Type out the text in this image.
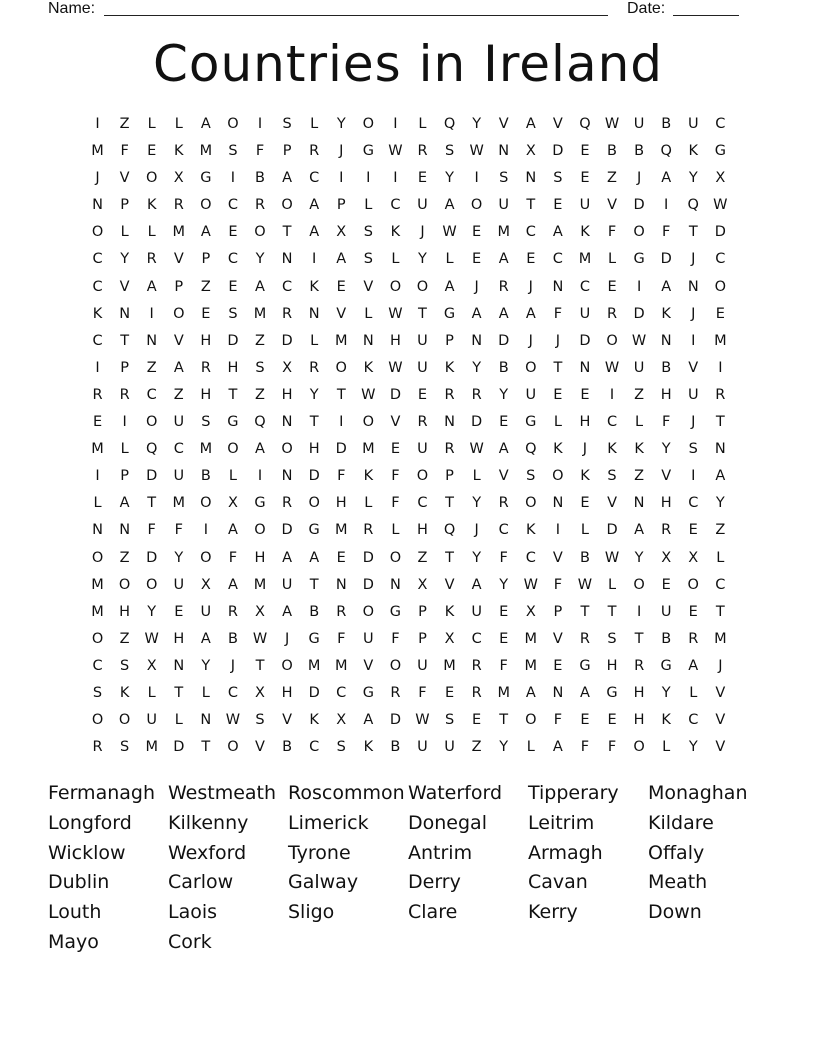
Name:	Date:
Countries in Ireland
I	Z	L	L	A	O	I	S	L	Y	O	I	L	Q	Y	V	A	V	Q W	U	B	U	C
M	F	E	K	M	S	F	P	R	J	G W	R	S	W N	X	D	E	B	B	Q	K	G
J	V	O	X	G	I	B	A	C	I	I	I	E	Y	I	S	N	S	E	Z	J	A	Y	X
N	P	K	R	O	C	R	O	A	P	L	C	U	A	O	U	T	E	U	V	D	I	Q W
O	L	L	M	A	E	O	T	A	X	S	K	J	W	E	M	C	A	K	F	O	F	T	D
C	Y	R	V	P	C	Y	N	I	A	S	L	Y	L	E	A	E	C	M	L	G	D	J	C
C	V	A	P	Z	E	A	C	K	E	V	O	O	A	J	R	J	N	C	E	I	A	N	O
K	N	I	O	E	S	M	R	N	V	L	W	T	G	A	A	A	F	U	R	D	K	J	E
C	T	N	V	H	D	Z	D	L	M	N	H	U	P	N	D	J	J	D	O W N	I	M
I	P	Z	A	R	H	S	X	R	O	K	W	U	K	Y	B	O	T	N W	U	B	V	I
R	R	C	Z	H	T	Z	H	Y	T	W D	E	R	R	Y	U	E	E	I	Z	H	U	R
E	I	O	U	S	G	Q	N	T	I	O	V	R	N	D	E	G	L	H	C	L	F	J	T
M	L	Q	C	M	O	A	O	H	D	M	E	U	R	W	A	Q	K	J	K	K	Y	S	N
I	P	D	U	B	L	I	N	D	F	K	F	O	P	L	V	S	O	K	S	Z	V	I	A
L	A	T	M	O	X	G	R	O	H	L	F	C	T	Y	R	O	N	E	V	N	H	C	Y
N	N	F	F	I	A	O	D	G	M	R	L	H	Q	J	C	K	I	L	D	A	R	E	Z
O	Z	D	Y	O	F	H	A	A	E	D	O	Z	T	Y	F	C	V	B	W	Y	X	X	L
M	O	O	U	X	A	M	U	T	N	D	N	X	V	A	Y	W	F	W	L	O	E	O	C
M	H	Y	E	U	R	X	A	B	R	O	G	P	K	U	E	X	P	T	T	I	U	E	T
O	Z	W H	A	B	W	J	G	F	U	F	P	X	C	E	M	V	R	S	T	B	R	M
C	S	X	N	Y	J	T	O	M	M	V	O	U	M	R	F	M	E	G	H	R	G	A	J
S	K	L	T	L	C	X	H	D	C	G	R	F	E	R	M	A	N	A	G	H	Y	L	V
O	O	U	L	N W	S	V	K	X	A	D W	S	E	T	O	F	E	E	H	K	C	V
R	S	M	D	T	O	V	B	C	S	K	B	U	U	Z	Y	L	A	F	F	O	L	Y	V
Fermanagh Westmeath Roscommon Waterford	Tipperary	Monaghan
Longford	Kilkenny	Limerick	Donegal	Leitrim	Kildare
Wicklow	Wexford	Tyrone	Antrim	Armagh	Offaly
Dublin	Carlow	Galway	Derry	Cavan	Meath
Louth	Laois	Sligo	Clare	Kerry	Down
Mayo	Cork
